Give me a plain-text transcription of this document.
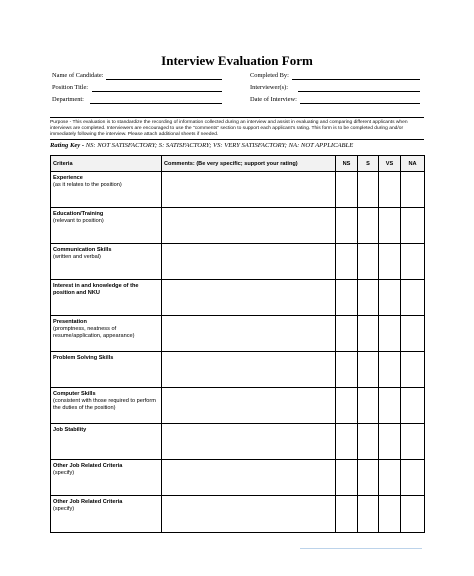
Interview Evaluation Form
Name of Candidate:
Position Title:
Department:
Completed By:
Interviewer(s):
Date of Interview:
Purpose - This evaluation is to standardize the recording of information collected during an interview and assist in evaluating and comparing different applicants when interviews are completed. Interviewers are encouraged to use the "comments" section to support each applicant's rating. This form is to be completed during and/or immediately following the interview. Please attach additional sheets if needed.
Rating Key - NS: NOT SATISFACTORY; S: SATISFACTORY; VS: VERY SATISFACTORY; NA: NOT APPLICABLE
Criteria	Comments: (Be very specific; support your rating)	NS	S	VS	NA

Experience
(as it relates to the position)					

Education/Training
(relevant to position)					

Communication Skills
(written and verbal)					

Interest in and knowledge of the position and NKU					

Presentation
(promptness, neatness of resume/application, appearance)					

Problem Solving Skills					

Computer Skills
(consistent with those required to perform the duties of the position)					

Job Stability					

Other Job Related Criteria
(specify)					

Other Job Related Criteria
(specify)					
